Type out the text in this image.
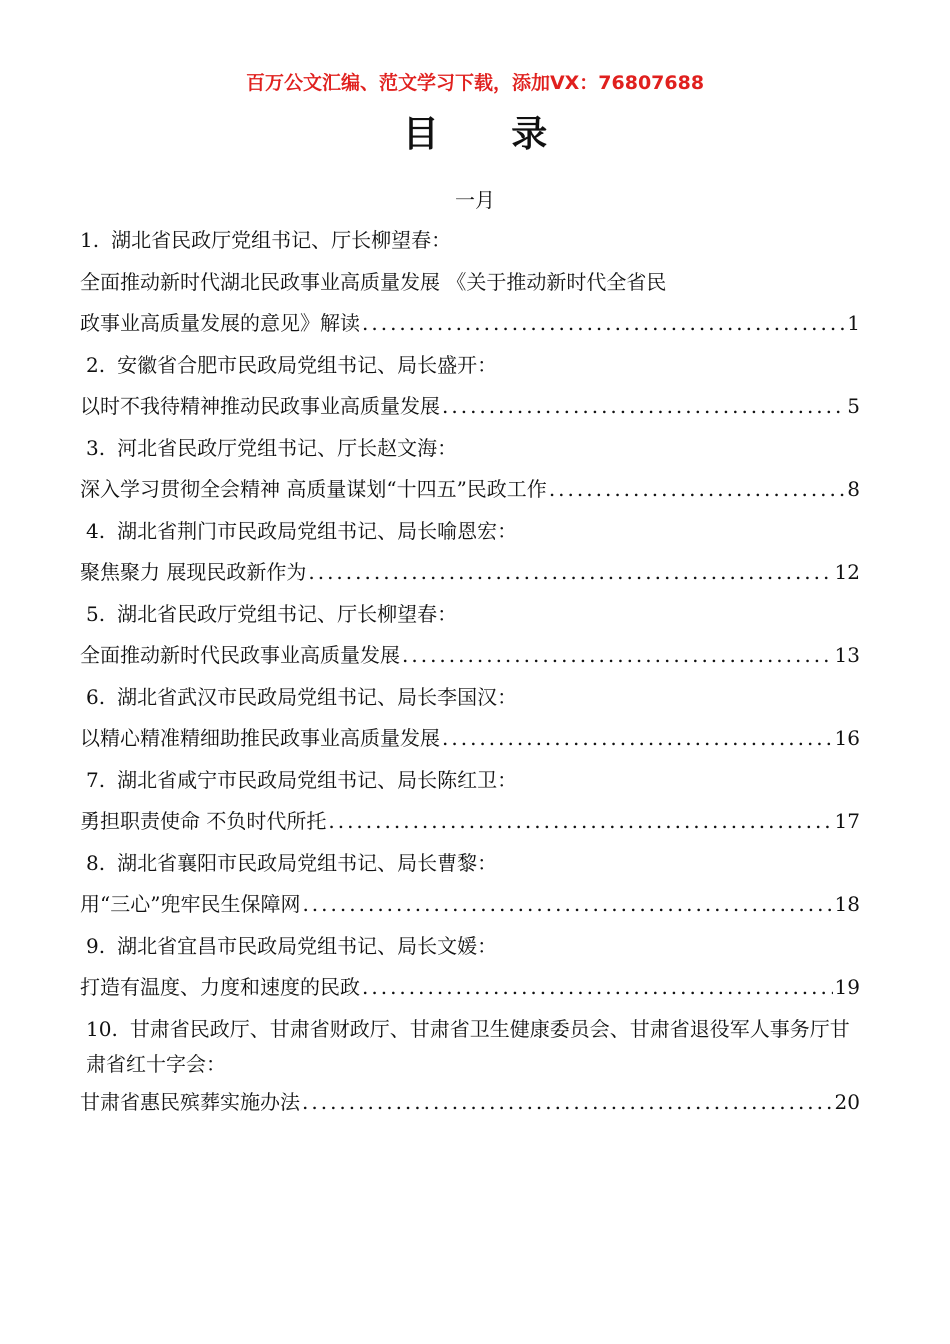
百万公文汇编、范文学习下载，添加VX：76807688
目 录
一月
1. 湖北省民政厅党组书记、厅长柳望春：
全面推动新时代湖北民政事业高质量发展 《关于推动新时代全省民
政事业高质量发展的意见》解读 .....	1
2. 安徽省合肥市民政局党组书记、局长盛开：
以时不我待精神推动民政事业高质量发展 .....	5
3. 河北省民政厅党组书记、厅长赵文海：
深入学习贯彻全会精神 高质量谋划“十四五”民政工作 .....	8
4. 湖北省荆门市民政局党组书记、局长喻恩宏：
聚焦聚力 展现民政新作为 .....	12
5. 湖北省民政厅党组书记、厅长柳望春：
全面推动新时代民政事业高质量发展 .....	13
6. 湖北省武汉市民政局党组书记、局长李国汉：
以精心精准精细助推民政事业高质量发展 .....	16
7. 湖北省咸宁市民政局党组书记、局长陈红卫：
勇担职责使命 不负时代所托 .....	17
8. 湖北省襄阳市民政局党组书记、局长曹黎：
用“三心”兜牢民生保障网 .....	18
9. 湖北省宜昌市民政局党组书记、局长文媛：
打造有温度、力度和速度的民政 .....	19
10. 甘肃省民政厅、甘肃省财政厅、甘肃省卫生健康委员会、甘肃省退役军人事务厅甘肃省红十字会：
甘肃省惠民殡葬实施办法 .....	20
